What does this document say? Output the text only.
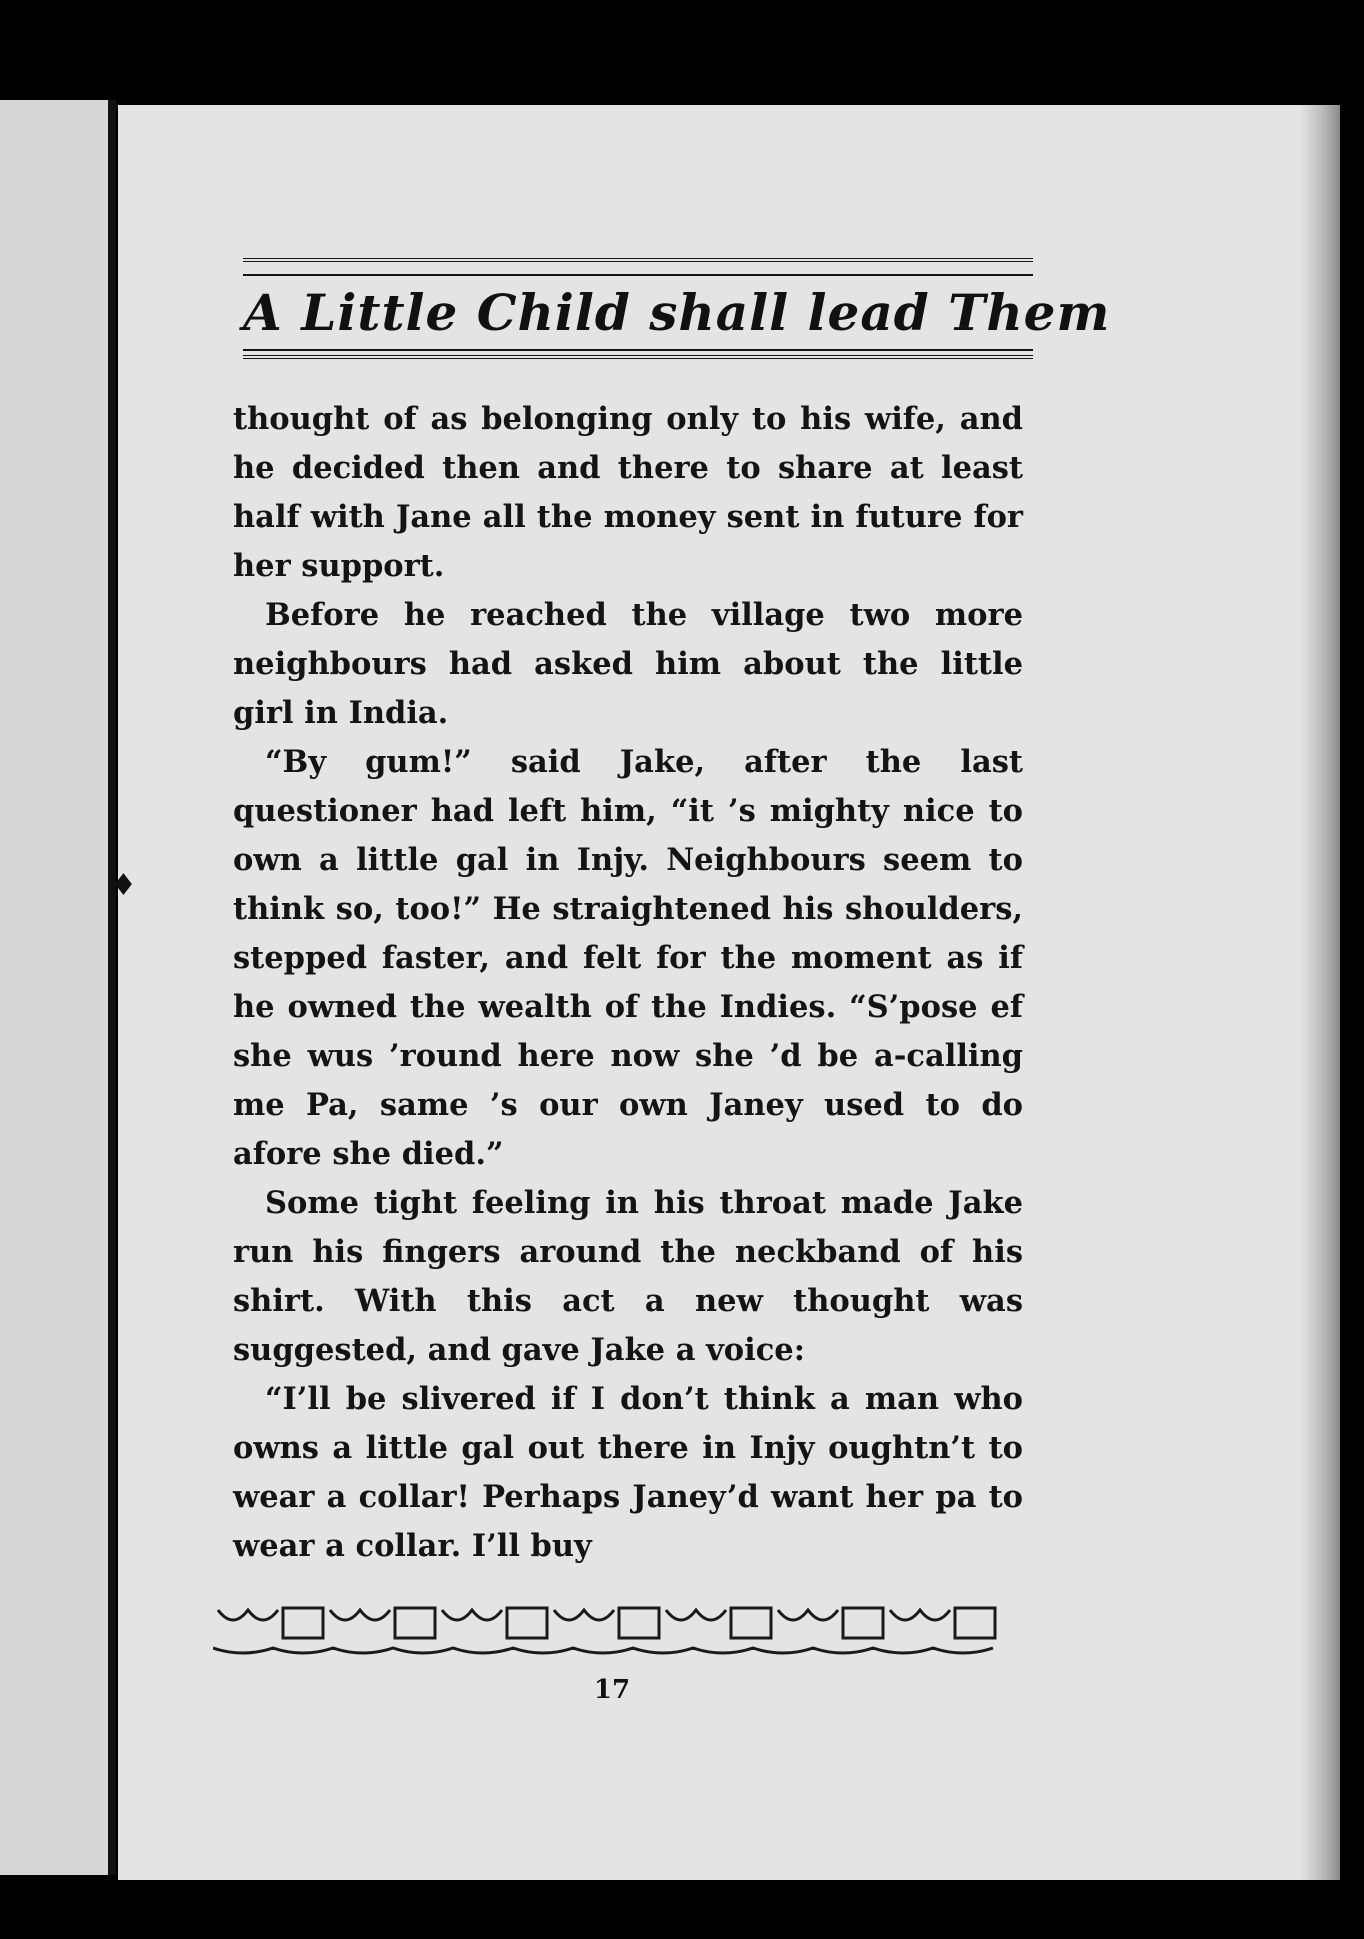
♦
A Little Child shall lead Them

thought of as belonging only to his wife, and he decided then and there to share at least half with Jane all the money sent in future for her support.

Before he reached the village two more neighbours had asked him about the little girl in India.

“By gum!” said Jake, after the last questioner had left him, “it ’s mighty nice to own a little gal in Injy. Neighbours seem to think so, too!” He straightened his shoulders, stepped faster, and felt for the moment as if he owned the wealth of the Indies. “S’pose ef she wus ’round here now she ’d be a-calling me Pa, same ’s our own Janey used to do afore she died.”

Some tight feeling in his throat made Jake run his fingers around the neckband of his shirt. With this act a new thought was suggested, and gave Jake a voice:

“I’ll be slivered if I don’t think a man who owns a little gal out there in Injy oughtn’t to wear a collar! Perhaps Janey’d want her pa to wear a collar. I’ll buy

17
